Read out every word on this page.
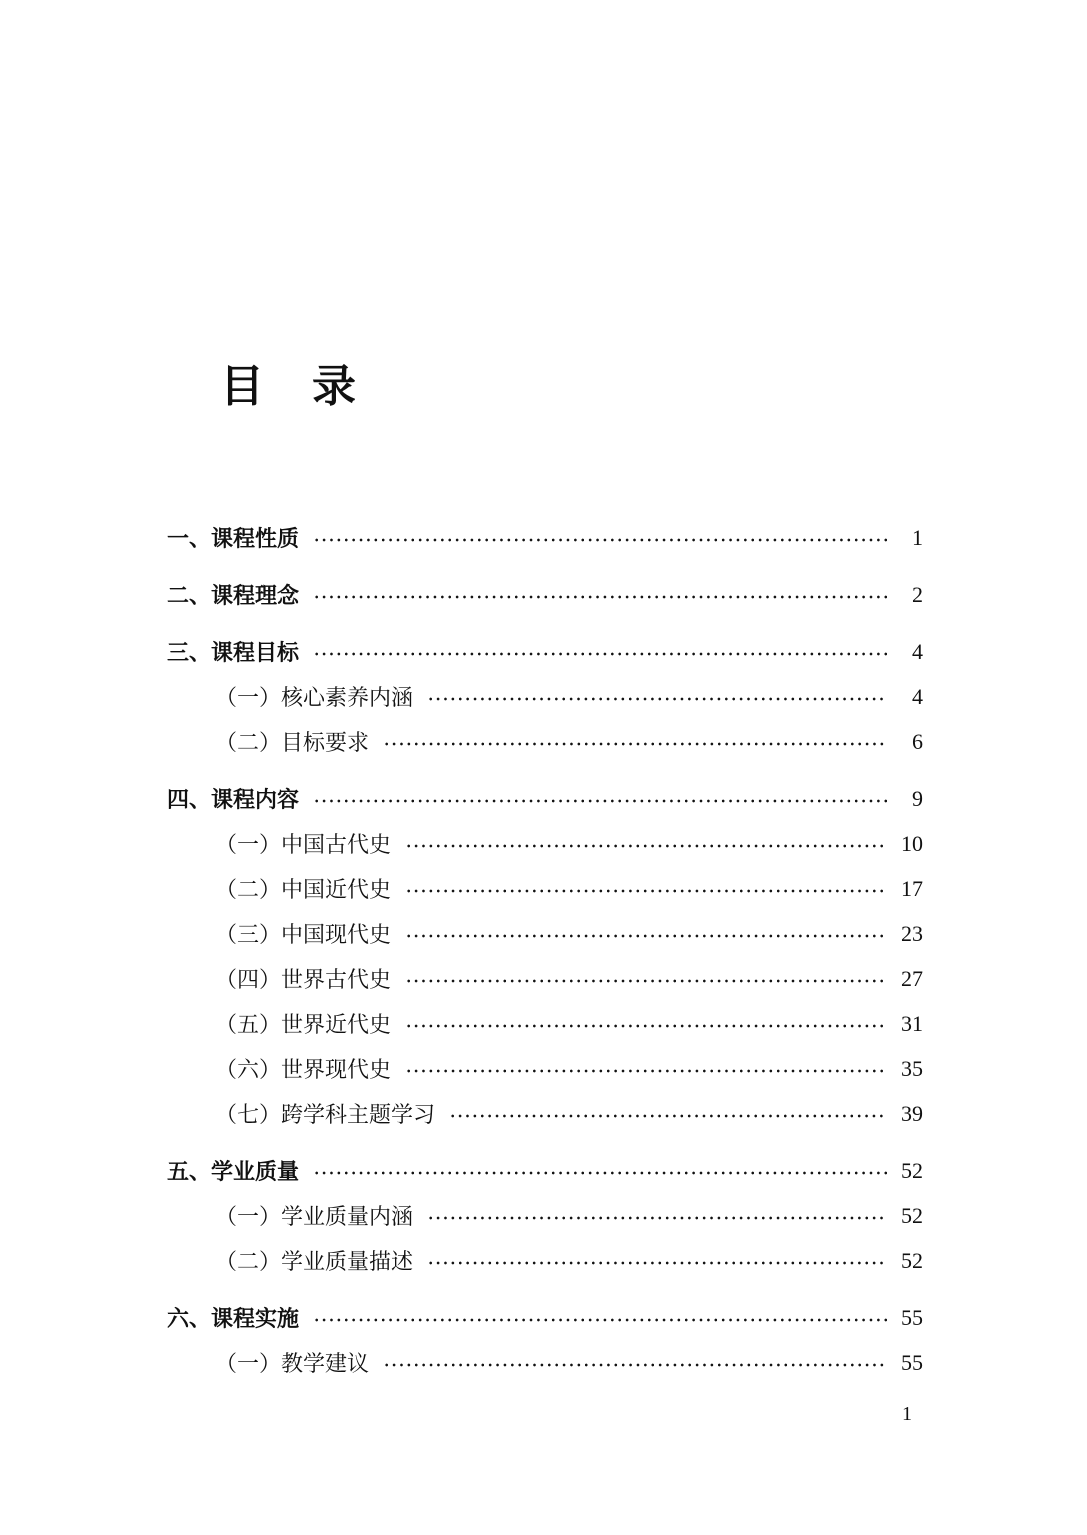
目录
一、课程性质	1
二、课程理念	2
三、课程目标	4
（一）核心素养内涵	4
（二）目标要求	6
四、课程内容	9
（一）中国古代史	10
（二）中国近代史	17
（三）中国现代史	23
（四）世界古代史	27
（五）世界近代史	31
（六）世界现代史	35
（七）跨学科主题学习	39
五、学业质量	52
（一）学业质量内涵	52
（二）学业质量描述	52
六、课程实施	55
（一）教学建议	55
1
